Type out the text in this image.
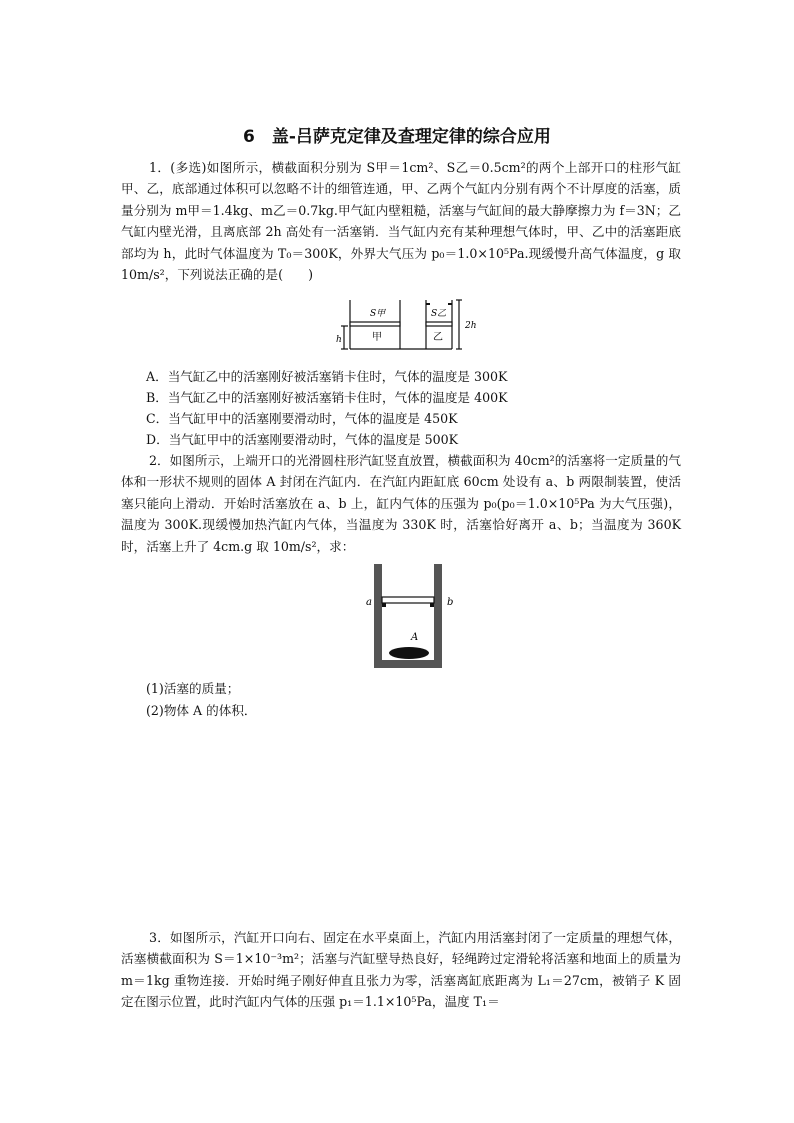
6　盖-吕萨克定律及查理定律的综合应用

1．(多选)如图所示，横截面积分别为 S甲＝1cm²、S乙＝0.5cm²的两个上部开口的柱形气缸甲、乙，底部通过体积可以忽略不计的细管连通，甲、乙两个气缸内分别有两个不计厚度的活塞，质量分别为 m甲＝1.4kg、m乙＝0.7kg.甲气缸内壁粗糙，活塞与气缸间的最大静摩擦力为 f＝3N；乙气缸内壁光滑，且离底部 2h 高处有一活塞销．当气缸内充有某种理想气体时，甲、乙中的活塞距底部均为 h，此时气体温度为 T₀＝300K，外界大气压为 p₀＝1.0×10⁵Pa.现缓慢升高气体温度，g 取 10m/s²，下列说法正确的是(　　)

S甲	S乙
甲	乙
h
2h
A．当气缸乙中的活塞刚好被活塞销卡住时，气体的温度是 300K
B．当气缸乙中的活塞刚好被活塞销卡住时，气体的温度是 400K
C．当气缸甲中的活塞刚要滑动时，气体的温度是 450K
D．当气缸甲中的活塞刚要滑动时，气体的温度是 500K

2．如图所示，上端开口的光滑圆柱形汽缸竖直放置，横截面积为 40cm²的活塞将一定质量的气体和一形状不规则的固体 A 封闭在汽缸内．在汽缸内距缸底 60cm 处设有 a、b 两限制装置，使活塞只能向上滑动．开始时活塞放在 a、b 上，缸内气体的压强为 p₀(p₀＝1.0×10⁵Pa 为大气压强)，温度为 300K.现缓慢加热汽缸内气体，当温度为 330K 时，活塞恰好离开 a、b；当温度为 360K 时，活塞上升了 4cm.g 取 10m/s²，求：

a	b
A
(1)活塞的质量；
(2)物体 A 的体积．

3．如图所示，汽缸开口向右、固定在水平桌面上，汽缸内用活塞封闭了一定质量的理想气体，活塞横截面积为 S＝1×10⁻³m²；活塞与汽缸壁导热良好，轻绳跨过定滑轮将活塞和地面上的质量为 m＝1kg 重物连接．开始时绳子刚好伸直且张力为零，活塞离缸底距离为 L₁＝27cm，被销子 K 固定在图示位置，此时汽缸内气体的压强 p₁＝1.1×10⁵Pa，温度 T₁＝
